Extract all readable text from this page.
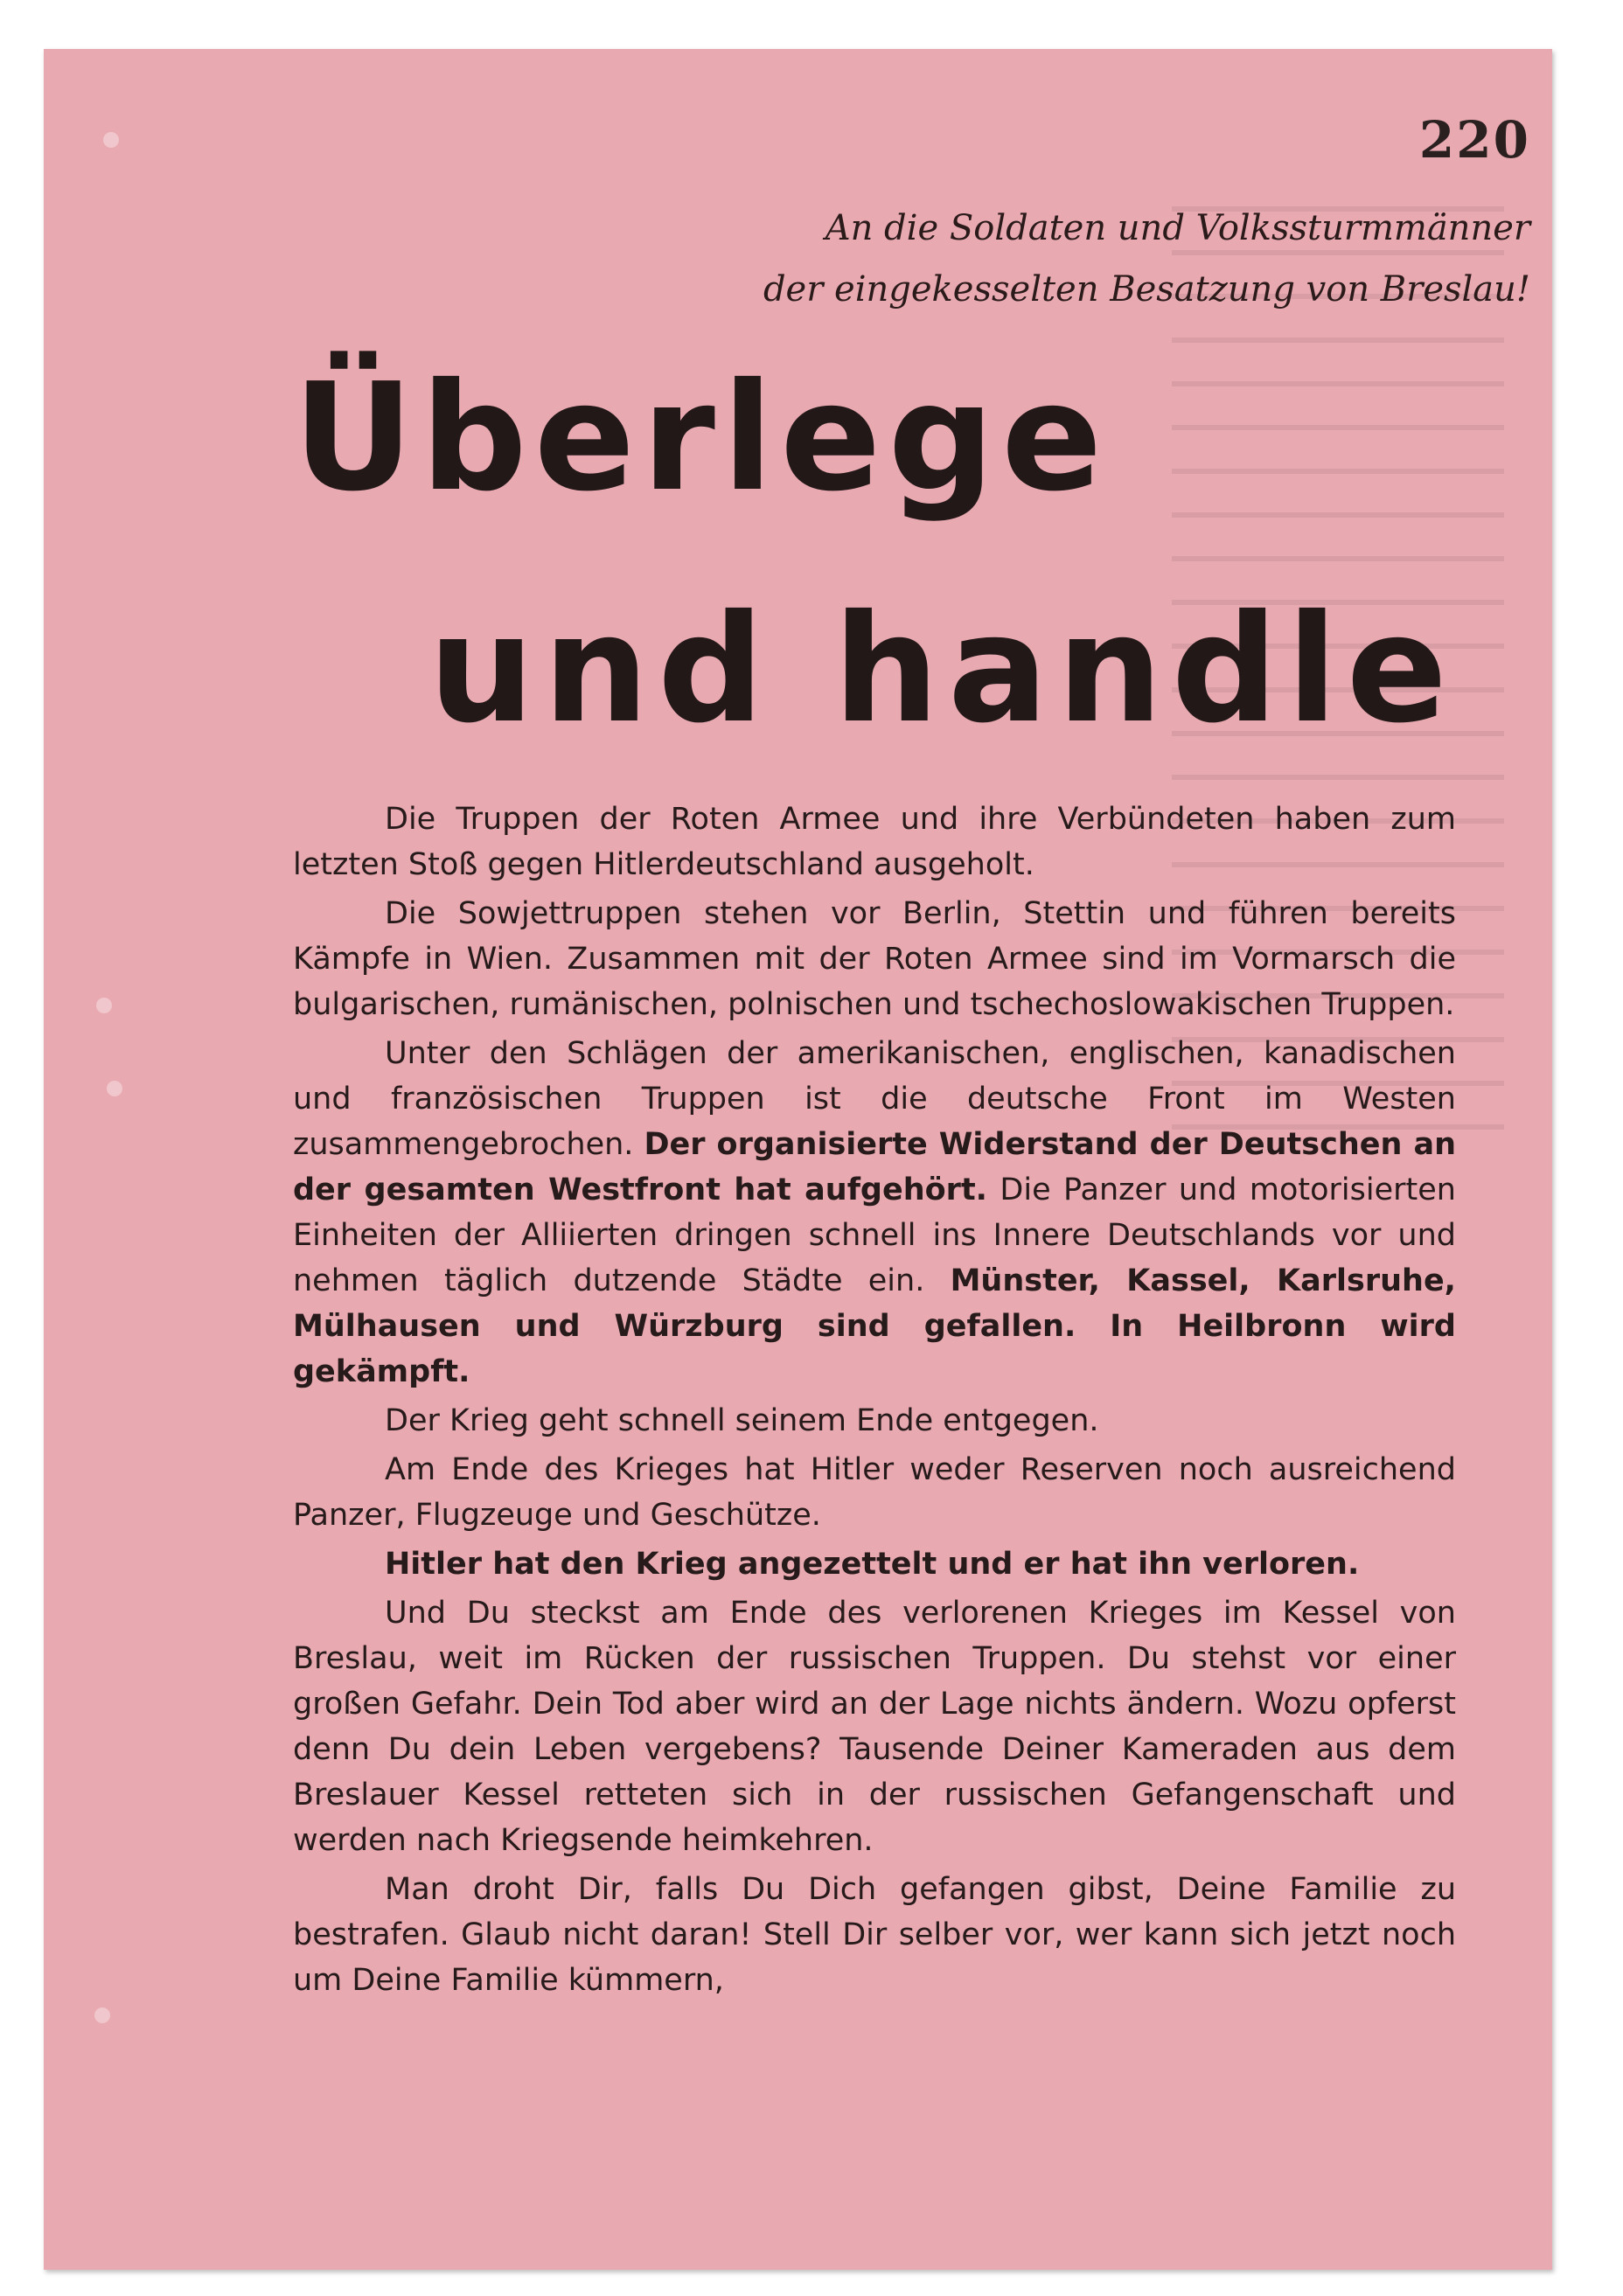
220
An die Soldaten und Volkssturmmänner
der eingekesselten Besatzung von Breslau!
Überlege
und handle

Die Truppen der Roten Armee und ihre Verbündeten haben zum letzten Stoß gegen Hitlerdeutschland ausgeholt.

Die Sowjettruppen stehen vor Berlin, Stettin und führen bereits Kämpfe in Wien. Zusammen mit der Roten Armee sind im Vormarsch die bulgarischen, rumänischen, polnischen und tschechoslowakischen Truppen.

Unter den Schlägen der amerikanischen, englischen, kanadischen und französischen Truppen ist die deutsche Front im Westen zusammengebrochen. Der organisierte Widerstand der Deutschen an der gesamten Westfront hat aufgehört. Die Panzer und motorisierten Einheiten der Alliierten dringen schnell ins Innere Deutschlands vor und nehmen täglich dutzende Städte ein. Münster, Kassel, Karlsruhe, Mülhausen und Würzburg sind gefallen. In Heilbronn wird gekämpft.

Der Krieg geht schnell seinem Ende entgegen.

Am Ende des Krieges hat Hitler weder Reserven noch ausreichend Panzer, Flugzeuge und Geschütze.

Hitler hat den Krieg angezettelt und er hat ihn verloren.

Und Du steckst am Ende des verlorenen Krieges im Kessel von Breslau, weit im Rücken der russischen Truppen. Du stehst vor einer großen Gefahr. Dein Tod aber wird an der Lage nichts ändern. Wozu opferst denn Du dein Leben vergebens? Tausende Deiner Kameraden aus dem Breslauer Kessel retteten sich in der russischen Gefangenschaft und werden nach Kriegsende heimkehren.

Man droht Dir, falls Du Dich gefangen gibst, Deine Familie zu bestrafen. Glaub nicht daran! Stell Dir selber vor, wer kann sich jetzt noch um Deine Familie kümmern,
